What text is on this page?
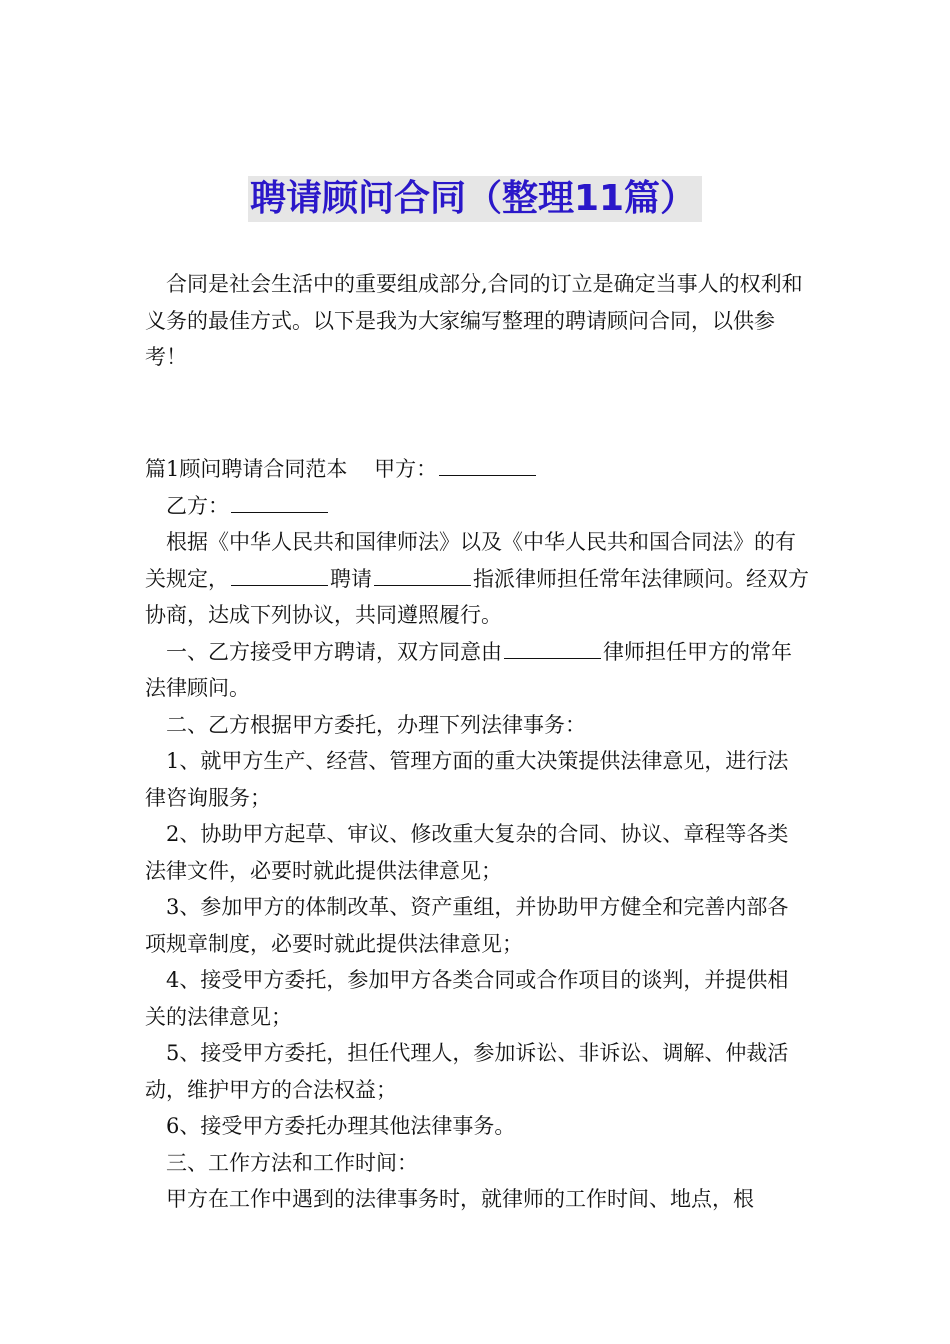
聘请顾问合同（整理11篇）

合同是社会生活中的重要组成部分,合同的订立是确定当事人的权利和义务的最佳方式。以下是我为大家编写整理的聘请顾问合同，以供参考！

篇1顾问聘请合同范本 甲方：

乙方：

根据《中华人民共和国律师法》以及《中华人民共和国合同法》的有关规定，	聘请	指派律师担任常年法律顾问。经双方协商，达成下列协议，共同遵照履行。

一、乙方接受甲方聘请，双方同意由	律师担任甲方的常年法律顾问。

二、乙方根据甲方委托，办理下列法律事务：

1、就甲方生产、经营、管理方面的重大决策提供法律意见，进行法律咨询服务；

2、协助甲方起草、审议、修改重大复杂的合同、协议、章程等各类法律文件，必要时就此提供法律意见；

3、参加甲方的体制改革、资产重组，并协助甲方健全和完善内部各项规章制度，必要时就此提供法律意见；

4、接受甲方委托，参加甲方各类合同或合作项目的谈判，并提供相关的法律意见；

5、接受甲方委托，担任代理人，参加诉讼、非诉讼、调解、仲裁活动，维护甲方的合法权益；

6、接受甲方委托办理其他法律事务。

三、工作方法和工作时间：

甲方在工作中遇到的法律事务时，就律师的工作时间、地点，根
